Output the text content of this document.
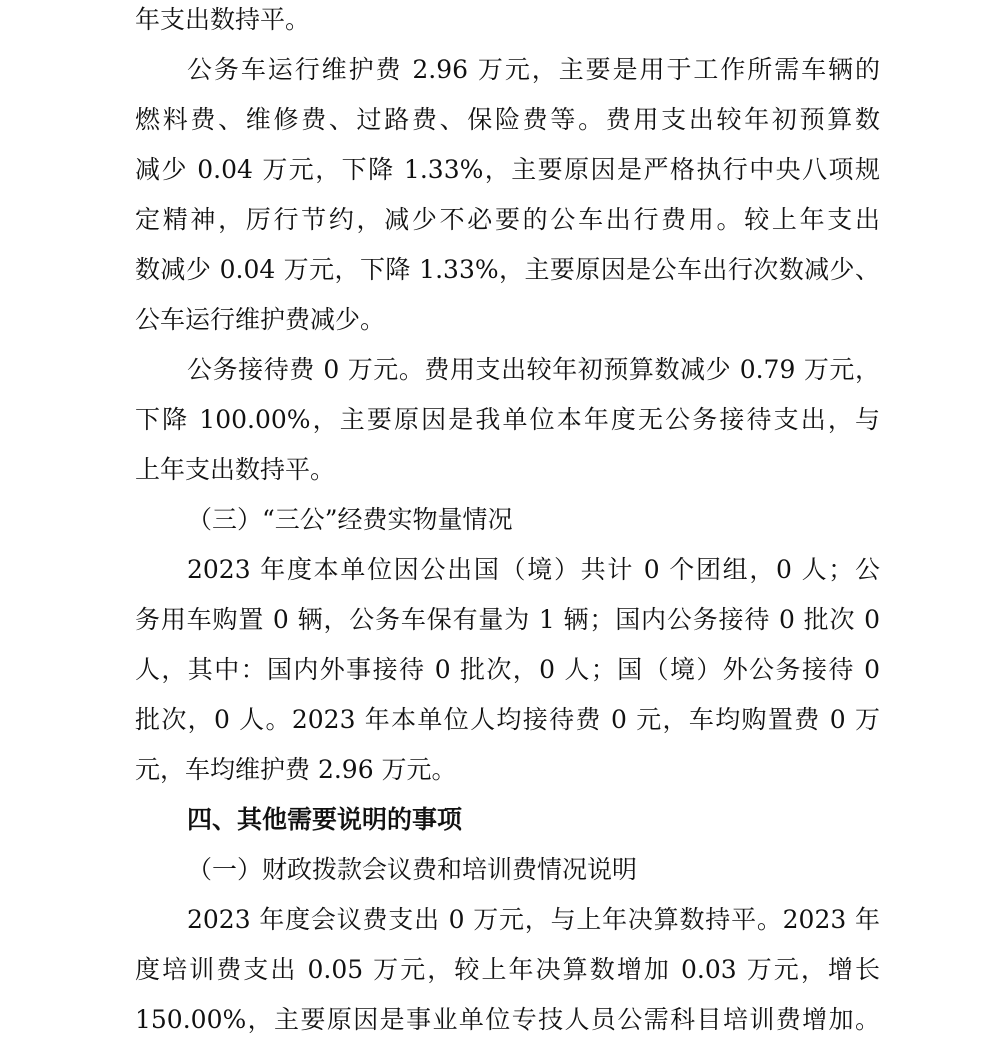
年支出数持平。
公务车运行维护费 2.96 万元，主要是用于工作所需车辆的
燃料费、维修费、过路费、保险费等。费用支出较年初预算数
减少 0.04 万元，下降 1.33%，主要原因是严格执行中央八项规
定精神，厉行节约，减少不必要的公车出行费用。较上年支出
数减少 0.04 万元，下降 1.33%，主要原因是公车出行次数减少、
公车运行维护费减少。
公务接待费 0 万元。费用支出较年初预算数减少 0.79 万元，
下降 100.00%，主要原因是我单位本年度无公务接待支出，与
上年支出数持平。
（三）“三公”经费实物量情况
2023 年度本单位因公出国（境）共计 0 个团组，0 人；公
务用车购置 0 辆，公务车保有量为 1 辆；国内公务接待 0 批次 0
人，其中：国内外事接待 0 批次，0 人；国（境）外公务接待 0
批次，0 人。2023 年本单位人均接待费 0 元，车均购置费 0 万
元，车均维护费 2.96 万元。
四、其他需要说明的事项
（一）财政拨款会议费和培训费情况说明
2023 年度会议费支出 0 万元，与上年决算数持平。2023 年
度培训费支出 0.05 万元，较上年决算数增加 0.03 万元，增长
150.00%，主要原因是事业单位专技人员公需科目培训费增加。
